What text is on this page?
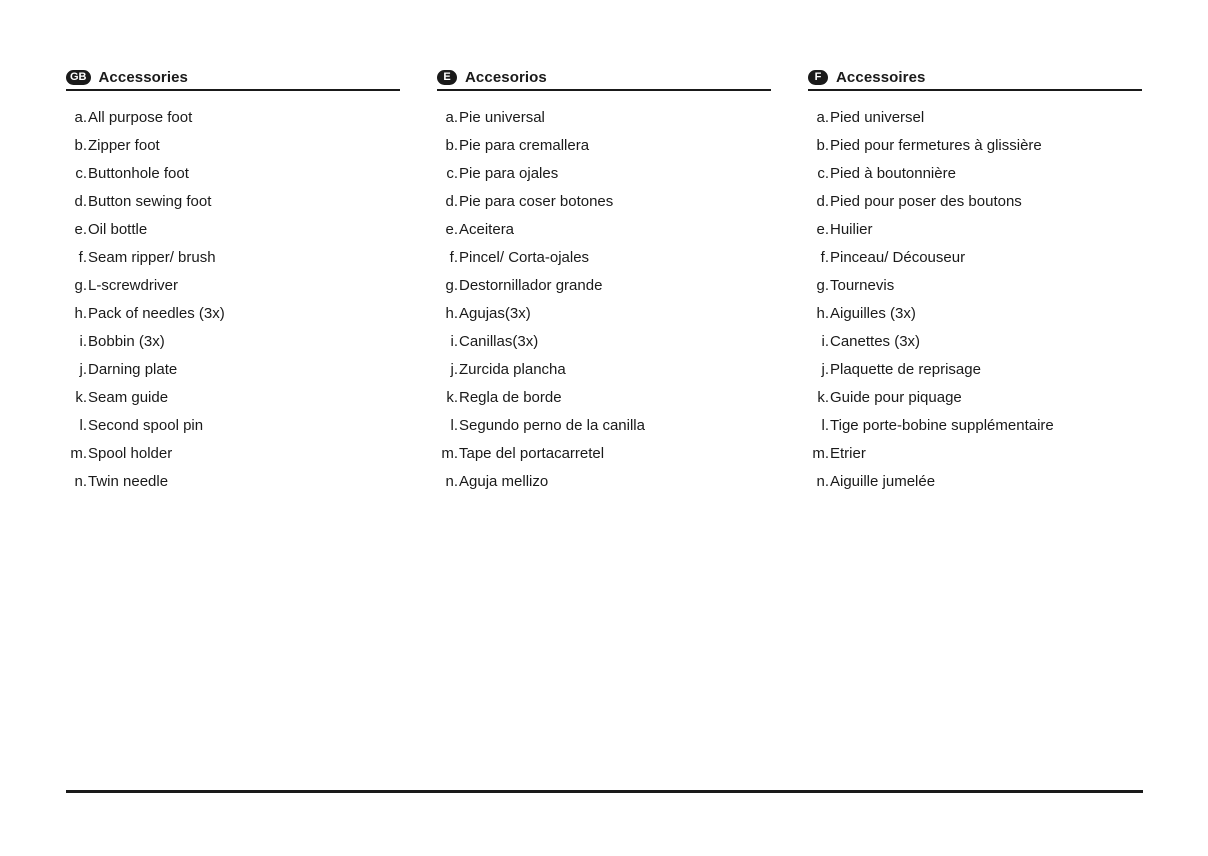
GB Accessories
a. All purpose foot
b. Zipper foot
c. Buttonhole foot
d. Button sewing foot
e. Oil bottle
f. Seam ripper/ brush
g. L-screwdriver
h. Pack of needles (3x)
i. Bobbin (3x)
j. Darning plate
k. Seam guide
l. Second spool pin
m. Spool holder
n. Twin needle
E Accesorios
a. Pie universal
b. Pie para cremallera
c. Pie para ojales
d. Pie para coser botones
e. Aceitera
f. Pincel/ Corta-ojales
g. Destornillador grande
h. Agujas(3x)
i. Canillas(3x)
j. Zurcida plancha
k. Regla de borde
l. Segundo perno de la canilla
m. Tape del portacarretel
n. Aguja mellizo
F Accessoires
a. Pied universel
b. Pied pour fermetures à glissière
c. Pied à boutonnière
d. Pied pour poser des boutons
e. Huilier
f. Pinceau/ Découseur
g. Tournevis
h. Aiguilles (3x)
i. Canettes (3x)
j. Plaquette de reprisage
k. Guide pour piquage
l. Tige porte-bobine supplémentaire
m. Etrier
n. Aiguille jumelée
